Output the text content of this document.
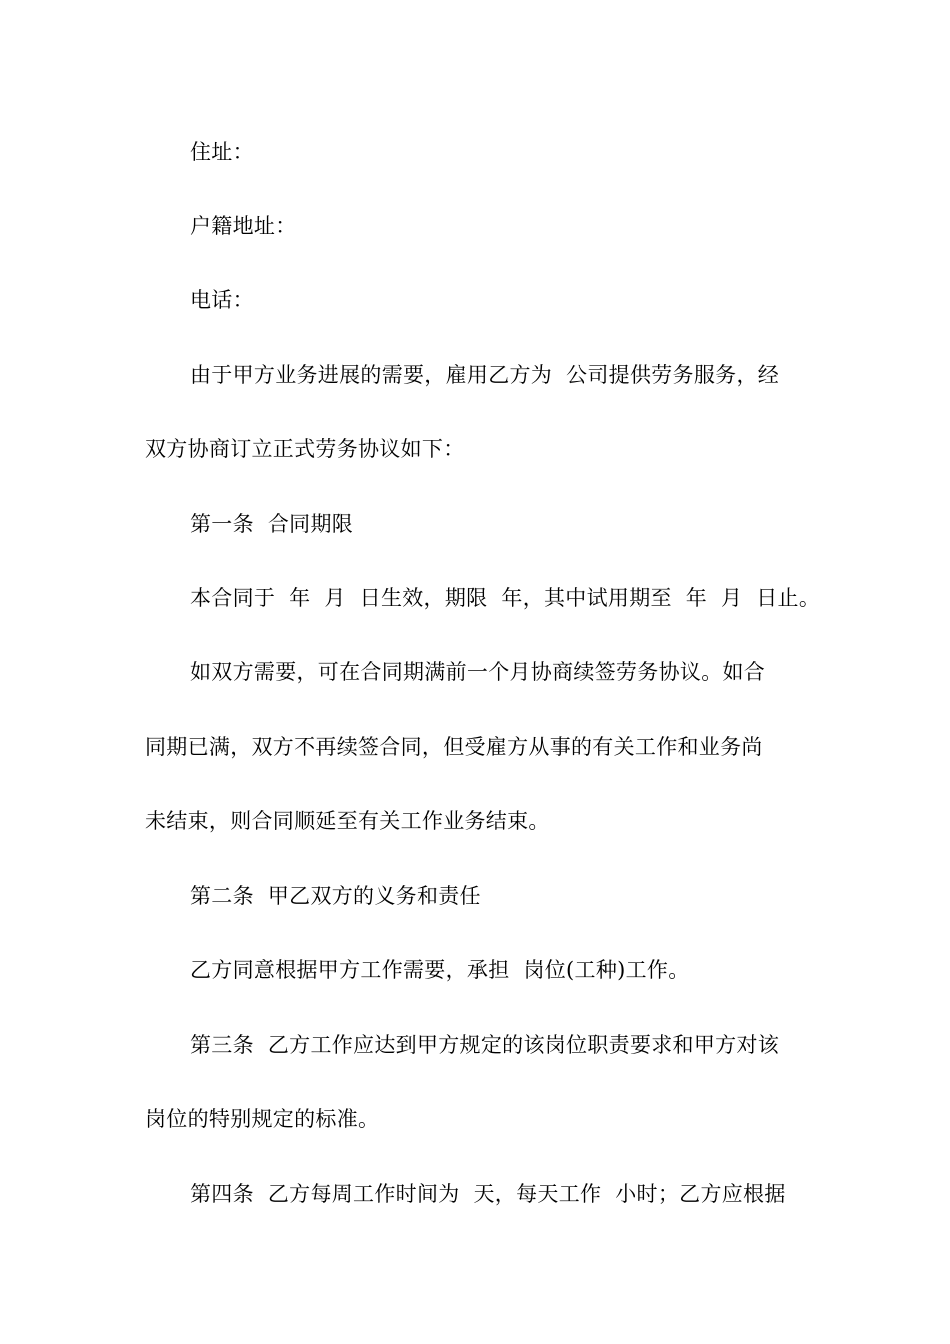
住址：
户籍地址：
电话：
由于甲方业务进展的需要，雇用乙方为  公司提供劳务服务，经
双方协商订立正式劳务协议如下：
第一条  合同期限
本合同于  年  月  日生效，期限  年，其中试用期至  年  月  日止。
如双方需要，可在合同期满前一个月协商续签劳务协议。如合
同期已满，双方不再续签合同，但受雇方从事的有关工作和业务尚
未结束，则合同顺延至有关工作业务结束。
第二条  甲乙双方的义务和责任
乙方同意根据甲方工作需要，承担  岗位(工种)工作。
第三条  乙方工作应达到甲方规定的该岗位职责要求和甲方对该
岗位的特别规定的标准。
第四条  乙方每周工作时间为  天，每天工作  小时；乙方应根据
